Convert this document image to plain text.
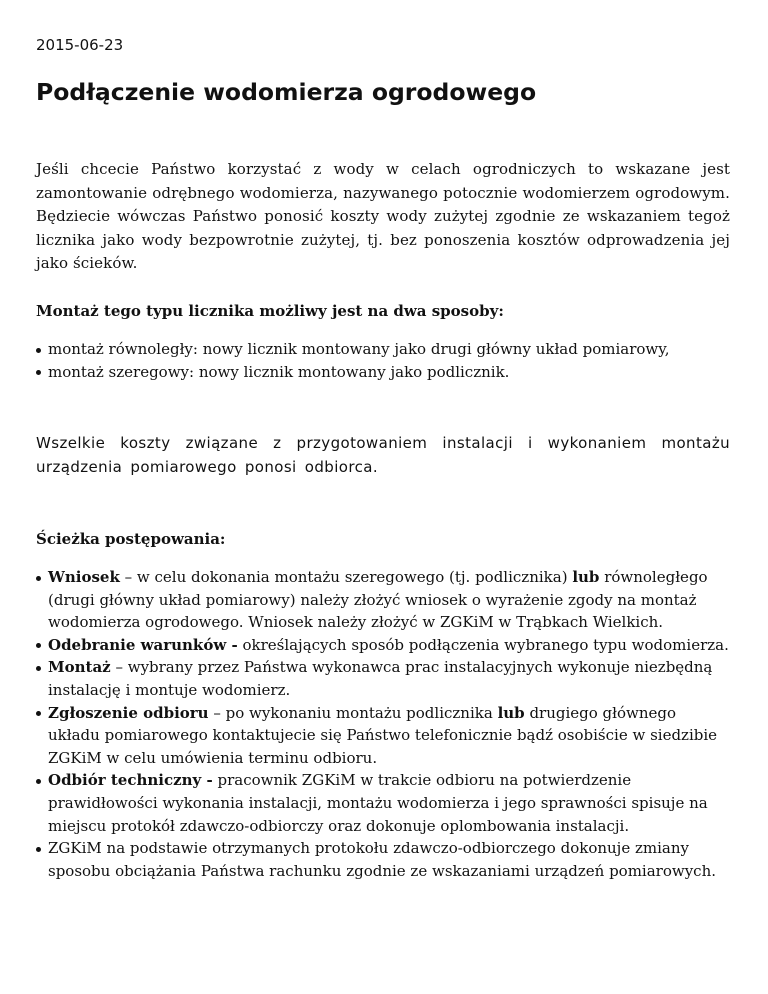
2015-06-23
Podłączenie wodomierza ogrodowego

Jeśli chcecie Państwo korzystać z wody w celach ogrodniczych to wskazane jest zamontowanie odrębnego wodomierza, nazywanego potocznie wodomierzem ogrodowym. Będziecie wówczas Państwo ponosić koszty wody zużytej zgodnie ze wskazaniem tegoż licznika jako wody bezpowrotnie zużytej, tj. bez ponoszenia kosztów odprowadzenia jej jako ścieków.

Montaż tego typu licznika możliwy jest na dwa sposoby:

montaż równoległy: nowy licznik montowany jako drugi główny układ pomiarowy,
montaż szeregowy: nowy licznik montowany jako podlicznik.

Wszelkie koszty związane z przygotowaniem instalacji i wykonaniem montażu urządzenia pomiarowego ponosi odbiorca.

Ścieżka postępowania:

Wniosek – w celu dokonania montażu szeregowego (tj. podlicznika) lub równoległego (drugi główny układ pomiarowy) należy złożyć wniosek o wyrażenie zgody na montaż wodomierza ogrodowego. Wniosek należy złożyć w ZGKiM w Trąbkach Wielkich.
Odebranie warunków - określających sposób podłączenia wybranego typu wodomierza.
Montaż – wybrany przez Państwa wykonawca prac instalacyjnych wykonuje niezbędną instalację i montuje wodomierz.
Zgłoszenie odbioru – po wykonaniu montażu podlicznika lub drugiego głównego układu pomiarowego kontaktujecie się Państwo telefonicznie bądź osobiście w siedzibie ZGKiM w celu umówienia terminu odbioru.
Odbiór techniczny - pracownik ZGKiM w trakcie odbioru na potwierdzenie prawidłowości wykonania instalacji, montażu wodomierza i jego sprawności spisuje na miejscu protokół zdawczo-odbiorczy oraz dokonuje oplombowania instalacji.
ZGKiM na podstawie otrzymanych protokołu zdawczo-odbiorczego dokonuje zmiany sposobu obciążania Państwa rachunku zgodnie ze wskazaniami urządzeń pomiarowych.
